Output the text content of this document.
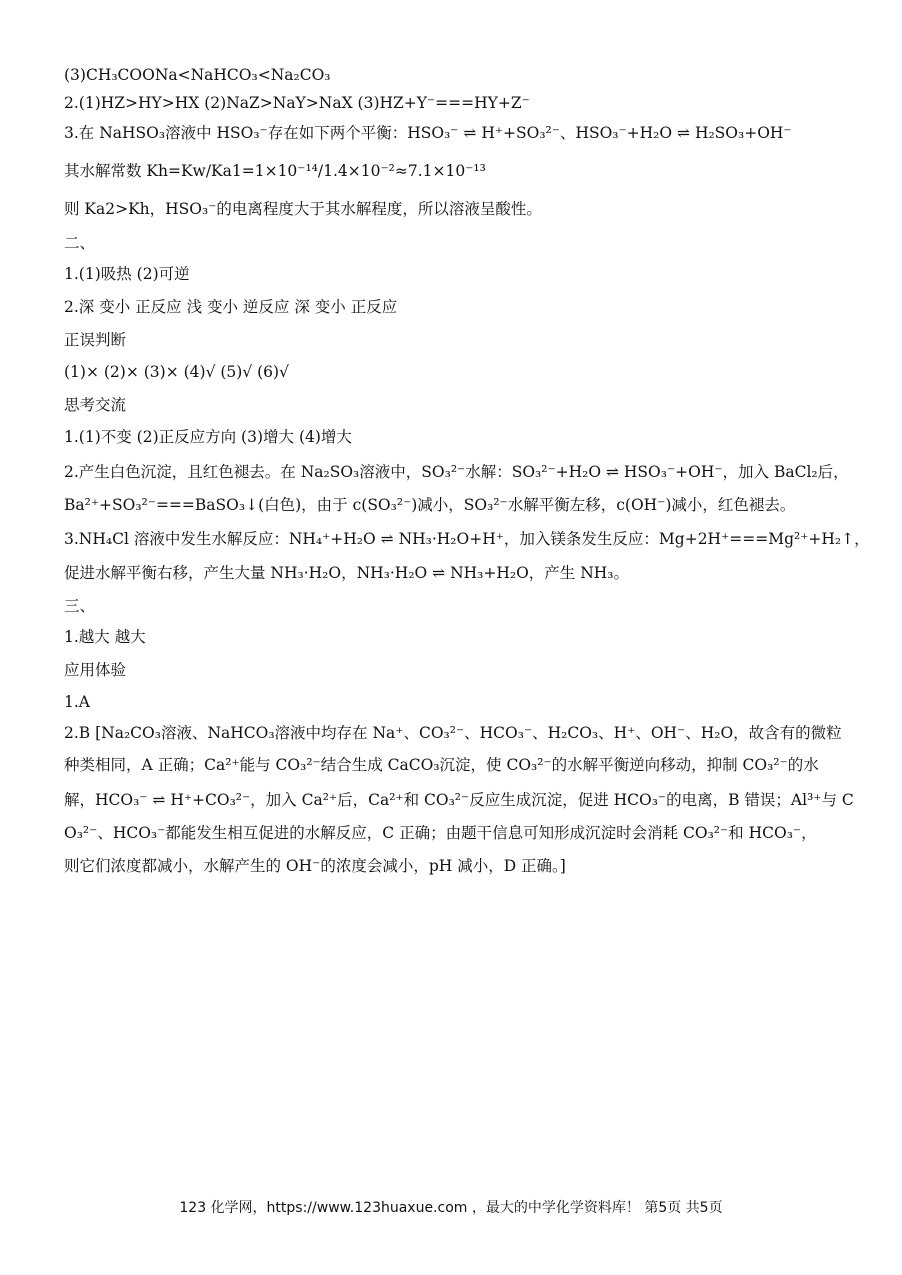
(3)CH₃COONa<NaHCO₃<Na₂CO₃
2.(1)HZ>HY>HX (2)NaZ>NaY>NaX (3)HZ+Y⁻===HY+Z⁻
3.在 NaHSO₃溶液中 HSO₃⁻存在如下两个平衡：HSO₃⁻ ⇌ H⁺+SO₃²⁻、HSO₃⁻+H₂O ⇌ H₂SO₃+OH⁻
其水解常数 Kh=Kw/Ka1=1×10⁻¹⁴/1.4×10⁻²≈7.1×10⁻¹³
则 Ka2>Kh，HSO₃⁻的电离程度大于其水解程度，所以溶液呈酸性。
二、
1.(1)吸热 (2)可逆
2.深 变小 正反应 浅 变小 逆反应 深 变小 正反应
正误判断
(1)× (2)× (3)× (4)√ (5)√ (6)√
思考交流
1.(1)不变 (2)正反应方向 (3)增大 (4)增大
2.产生白色沉淀，且红色褪去。在 Na₂SO₃溶液中，SO₃²⁻水解：SO₃²⁻+H₂O ⇌ HSO₃⁻+OH⁻，加入 BaCl₂后，
Ba²⁺+SO₃²⁻===BaSO₃↓(白色)，由于 c(SO₃²⁻)减小，SO₃²⁻水解平衡左移，c(OH⁻)减小，红色褪去。
3.NH₄Cl 溶液中发生水解反应：NH₄⁺+H₂O ⇌ NH₃·H₂O+H⁺，加入镁条发生反应：Mg+2H⁺===Mg²⁺+H₂↑，
促进水解平衡右移，产生大量 NH₃·H₂O，NH₃·H₂O ⇌ NH₃+H₂O，产生 NH₃。
三、
1.越大 越大
应用体验
1.A
2.B [Na₂CO₃溶液、NaHCO₃溶液中均存在 Na⁺、CO₃²⁻、HCO₃⁻、H₂CO₃、H⁺、OH⁻、H₂O，故含有的微粒
种类相同，A 正确；Ca²⁺能与 CO₃²⁻结合生成 CaCO₃沉淀，使 CO₃²⁻的水解平衡逆向移动，抑制 CO₃²⁻的水
解，HCO₃⁻ ⇌ H⁺+CO₃²⁻，加入 Ca²⁺后，Ca²⁺和 CO₃²⁻反应生成沉淀，促进 HCO₃⁻的电离，B 错误；Al³⁺与 C
O₃²⁻、HCO₃⁻都能发生相互促进的水解反应，C 正确；由题干信息可知形成沉淀时会消耗 CO₃²⁻和 HCO₃⁻，
则它们浓度都减小，水解产生的 OH⁻的浓度会减小，pH 减小，D 正确。]
123 化学网，https://www.123huaxue.com ，最大的中学化学资料库！ 第5页 共5页
